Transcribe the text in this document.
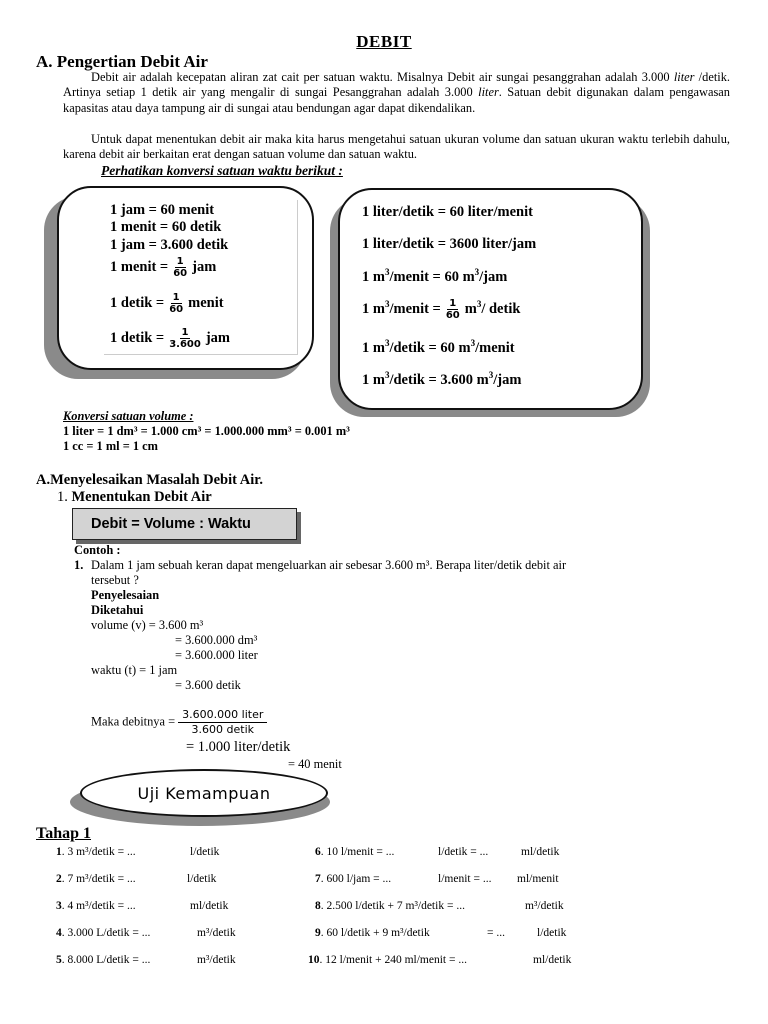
DEBIT
A. Pengertian Debit Air
Debit air adalah kecepatan aliran zat cait per satuan waktu. Misalnya Debit air sungai pesanggrahan adalah 3.000 liter /detik. Artinya setiap 1 detik air yang mengalir di sungai Pesanggrahan adalah 3.000 liter. Satuan debit digunakan dalam pengawasan kapasitas atau daya tampung air di sungai atau bendungan agar dapat dikendalikan.
Untuk dapat menentukan debit air maka kita harus mengetahui satuan ukuran volume dan satuan ukuran waktu terlebih dahulu, karena debit air berkaitan erat dengan satuan volume dan satuan waktu.
Perhatikan konversi satuan waktu berikut :
1 jam = 60 menit
1 menit = 60 detik
1 jam = 3.600 detik
1 menit = $\frac{1}{60}$ jam
1 detik = $\frac{1}{60}$ menit
1 detik = $\frac{1}{3.600}$ jam
1 liter/detik = 60 liter/menit
1 liter/detik = 3600 liter/jam
1 $m^3$/menit = 60 $m^3$/jam
1 $m^3$/menit = $\frac{1}{60} m^3/$ detik
1 $m^3$/detik = 60 $m^3$/menit
1 $m^3$/detik = 3.600 $m^3$/jam
Konversi satuan volume :
1 liter = 1 dm³ = 1.000 cm³ = 1.000.000 mm³ = 0.001 m³
1 cc = 1 ml = 1 cm
A.Menyelesaikan Masalah Debit Air.
1. Menentukan Debit Air
Debit = Volume : Waktu
Contoh :
1. Dalam 1 jam sebuah keran dapat mengeluarkan air sebesar 3.600 m³. Berapa liter/detik debit air
tersebut ?
Penyelesaian
Diketahui
volume (v) = 3.600 m³
= 3.600.000 dm³
= 3.600.000 liter
waktu (t) = 1 jam
= 3.600 detik
Maka debitnya = $\frac{\text{3.600.000 liter}}{\text{3.600 detik}}$
= 1.000 liter/detik
= 40 menit
Uji Kemampuan
Tahap 1
1. 3 m³/detik = ...	l/detik
2. 7 m³/detik = ...	l/detik
3. 4 m³/detik = ...	ml/detik
4. 3.000 L/detik = ...	m³/detik
5. 8.000 L/detik = ...	m³/detik
6. 10 l/menit = ...	l/detik = ...	ml/detik
7. 600 l/jam = ...	l/menit = ... ml/menit
8. 2.500 l/detik + 7 m³/detik = ...	m³/detik
9. 60 l/detik + 9 m³/detik	= ...	l/detik
10. 12 l/menit + 240 ml/menit = ...	ml/detik
